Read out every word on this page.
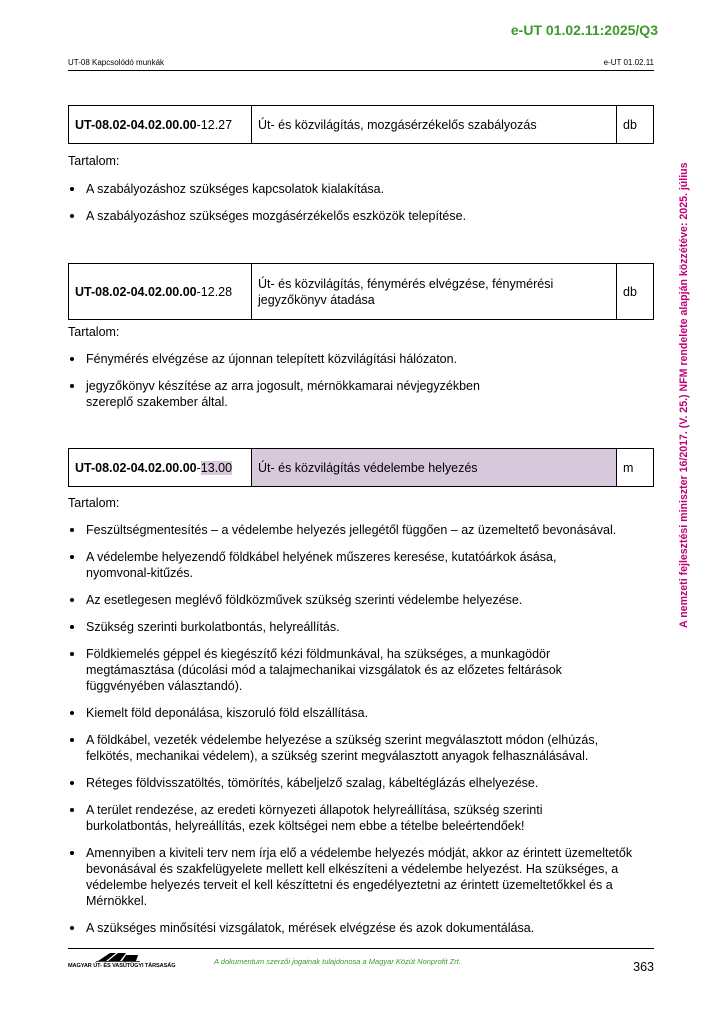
e-UT 01.02.11:2025/Q3
UT-08 Kapcsolódó munkák	e-UT 01.02.11
A nemzeti fejlesztési miniszter 16/2017. (V. 25.) NFM rendelete alapján közzétéve: 2025. július
UT-08.02-04.02.00.00-12.27	Út- és közvilágítás, mozgásérzékelős szabályozás	db
Tartalom:
A szabályozáshoz szükséges kapcsolatok kialakítása.
A szabályozáshoz szükséges mozgásérzékelős eszközök telepítése.
UT-08.02-04.02.00.00-12.28	Út- és közvilágítás, fénymérés elvégzése, fénymérési jegyzőkönyv átadása	db
Tartalom:
Fénymérés elvégzése az újonnan telepített közvilágítási hálózaton.
jegyzőkönyv készítése az arra jogosult, mérnökkamarai névjegyzékben szereplő szakember által.
UT-08.02-04.02.00.00-13.00	Út- és közvilágítás védelembe helyezés	m
Tartalom:
Feszültségmentesítés – a védelembe helyezés jellegétől függően – az üzemeltető bevonásával.
A védelembe helyezendő földkábel helyének műszeres keresése, kutatóárkok ásása, nyomvonal-kitűzés.
Az esetlegesen meglévő földközművek szükség szerinti védelembe helyezése.
Szükség szerinti burkolatbontás, helyreállítás.
Földkiemelés géppel és kiegészítő kézi földmunkával, ha szükséges, a munkagödör megtámasztása (dúcolási mód a talajmechanikai vizsgálatok és az előzetes feltárások függvényében választandó).
Kiemelt föld deponálása, kiszoruló föld elszállítása.
A földkábel, vezeték védelembe helyezése a szükség szerint megválasztott módon (elhúzás, felkötés, mechanikai védelem), a szükség szerint megválasztott anyagok felhasználásával.
Réteges földvisszatöltés, tömörítés, kábeljelző szalag, kábeltéglázás elhelyezése.
A terület rendezése, az eredeti környezeti állapotok helyreállítása, szükség szerinti burkolatbontás, helyreállítás, ezek költségei nem ebbe a tételbe beleértendőek!
Amennyiben a kiviteli terv nem írja elő a védelembe helyezés módját, akkor az érintett üzemeltetők bevonásával és szakfelügyelete mellett kell elkészíteni a védelembe helyezést. Ha szükséges, a védelembe helyezés terveit el kell készíttetni és engedélyeztetni az érintett üzemeltetőkkel és a Mérnökkel.
A szükséges minősítési vizsgálatok, mérések elvégzése és azok dokumentálása.
MAGYAR ÚT- ÉS VASÚTÜGYI TÁRSASÁG	A dokumentum szerzői jogainak tulajdonosa a Magyar Közút Nonprofit Zrt.	363
